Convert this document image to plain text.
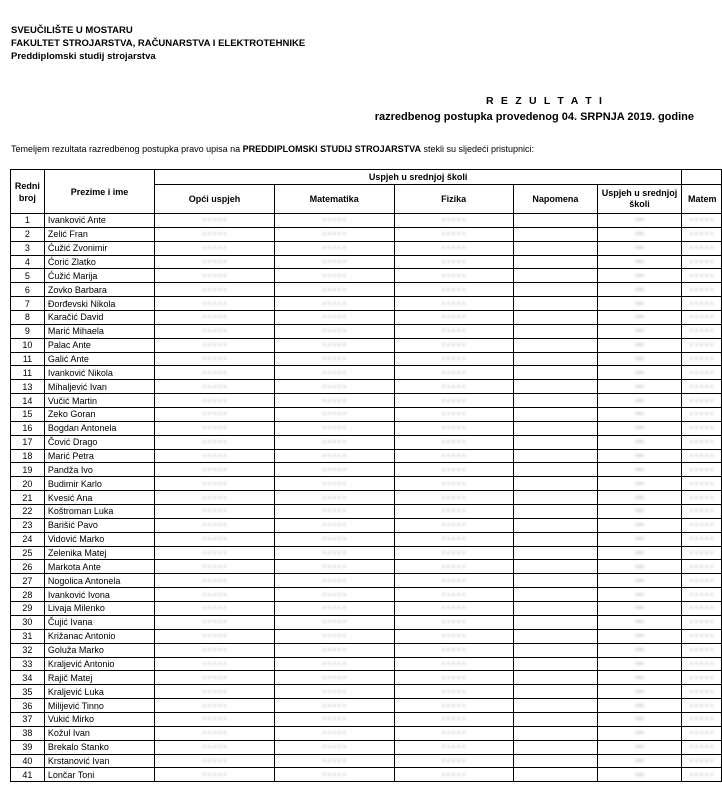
SVEUČILIŠTE U MOSTARU
FAKULTET STROJARSTVA, RAČUNARSTVA I ELEKTROTEHNIKE
Preddiplomski studij strojarstva
R E Z U L T A T I
razredbenog postupka provedenog 04. SRPNJA 2019. godine
Temeljem rezultata razredbenog postupka pravo upisa na PREDDIPLOMSKI STUDIJ STROJARSTVA stekli su sljedeći pristupnici:
Redni broj	Prezime i ime	Uspjeh u srednjoj školi					
		Opći uspjeh	Matematika	Fizika	Napomena	Uspjeh u srednjoj školi	Matem
1	Ivanković Ante	▪ ▪ ▪ ▪ ▪	▪ ▪ ▪ ▪ ▪	▪ ▪ ▪ ▪ ▪		▪▪▪	▪ ▪ ▪ ▪ ▪
2	Zelić Fran	▪ ▪ ▪ ▪ ▪	▪ ▪ ▪ ▪ ▪	▪ ▪ ▪ ▪ ▪		▪▪▪	▪ ▪ ▪ ▪ ▪
3	Ćužić Zvonimir	▪ ▪ ▪ ▪ ▪	▪ ▪ ▪ ▪ ▪	▪ ▪ ▪ ▪ ▪		▪▪▪	▪ ▪ ▪ ▪ ▪
4	Ćorić Zlatko	▪ ▪ ▪ ▪ ▪	▪ ▪ ▪ ▪ ▪	▪ ▪ ▪ ▪ ▪		▪▪▪	▪ ▪ ▪ ▪ ▪
5	Ćužić Marija	▪ ▪ ▪ ▪ ▪	▪ ▪ ▪ ▪ ▪	▪ ▪ ▪ ▪ ▪		▪▪▪	▪ ▪ ▪ ▪ ▪
6	Zovko Barbara	▪ ▪ ▪ ▪ ▪	▪ ▪ ▪ ▪ ▪	▪ ▪ ▪ ▪ ▪		▪▪▪	▪ ▪ ▪ ▪ ▪
7	Đorđevski Nikola	▪ ▪ ▪ ▪ ▪	▪ ▪ ▪ ▪ ▪	▪ ▪ ▪ ▪ ▪		▪▪▪	▪ ▪ ▪ ▪ ▪
8	Karačić David	▪ ▪ ▪ ▪ ▪	▪ ▪ ▪ ▪ ▪	▪ ▪ ▪ ▪ ▪		▪▪▪	▪ ▪ ▪ ▪ ▪
9	Marić Mihaela	▪ ▪ ▪ ▪ ▪	▪ ▪ ▪ ▪ ▪	▪ ▪ ▪ ▪ ▪		▪▪▪	▪ ▪ ▪ ▪ ▪
10	Palac Ante	▪ ▪ ▪ ▪ ▪	▪ ▪ ▪ ▪ ▪	▪ ▪ ▪ ▪ ▪		▪▪▪	▪ ▪ ▪ ▪ ▪
11	Galić Ante	▪ ▪ ▪ ▪ ▪	▪ ▪ ▪ ▪ ▪	▪ ▪ ▪ ▪ ▪		▪▪▪	▪ ▪ ▪ ▪ ▪
11	Ivanković Nikola	▪ ▪ ▪ ▪ ▪	▪ ▪ ▪ ▪ ▪	▪ ▪ ▪ ▪ ▪		▪▪▪	▪ ▪ ▪ ▪ ▪
13	Mihaljević Ivan	▪ ▪ ▪ ▪ ▪	▪ ▪ ▪ ▪ ▪	▪ ▪ ▪ ▪ ▪		▪▪▪	▪ ▪ ▪ ▪ ▪
14	Vučić Martin	▪ ▪ ▪ ▪ ▪	▪ ▪ ▪ ▪ ▪	▪ ▪ ▪ ▪ ▪		▪▪▪	▪ ▪ ▪ ▪ ▪
15	Zeko Goran	▪ ▪ ▪ ▪ ▪	▪ ▪ ▪ ▪ ▪	▪ ▪ ▪ ▪ ▪		▪▪▪	▪ ▪ ▪ ▪ ▪
16	Bogdan Antonela	▪ ▪ ▪ ▪ ▪	▪ ▪ ▪ ▪ ▪	▪ ▪ ▪ ▪ ▪		▪▪▪	▪ ▪ ▪ ▪ ▪
17	Čović Drago	▪ ▪ ▪ ▪ ▪	▪ ▪ ▪ ▪ ▪	▪ ▪ ▪ ▪ ▪		▪▪▪	▪ ▪ ▪ ▪ ▪
18	Marić Petra	▪ ▪ ▪ ▪ ▪	▪ ▪ ▪ ▪ ▪	▪ ▪ ▪ ▪ ▪		▪▪▪	▪ ▪ ▪ ▪ ▪
19	Pandža Ivo	▪ ▪ ▪ ▪ ▪	▪ ▪ ▪ ▪ ▪	▪ ▪ ▪ ▪ ▪		▪▪▪	▪ ▪ ▪ ▪ ▪
20	Budimir Karlo	▪ ▪ ▪ ▪ ▪	▪ ▪ ▪ ▪ ▪	▪ ▪ ▪ ▪ ▪		▪▪▪	▪ ▪ ▪ ▪ ▪
21	Kvesić Ana	▪ ▪ ▪ ▪ ▪	▪ ▪ ▪ ▪ ▪	▪ ▪ ▪ ▪ ▪		▪▪▪	▪ ▪ ▪ ▪ ▪
22	Koštroman Luka	▪ ▪ ▪ ▪ ▪	▪ ▪ ▪ ▪ ▪	▪ ▪ ▪ ▪ ▪		▪▪▪	▪ ▪ ▪ ▪ ▪
23	Barišić Pavo	▪ ▪ ▪ ▪ ▪	▪ ▪ ▪ ▪ ▪	▪ ▪ ▪ ▪ ▪		▪▪▪	▪ ▪ ▪ ▪ ▪
24	Vidović Marko	▪ ▪ ▪ ▪ ▪	▪ ▪ ▪ ▪ ▪	▪ ▪ ▪ ▪ ▪		▪▪▪	▪ ▪ ▪ ▪ ▪
25	Zelenika Matej	▪ ▪ ▪ ▪ ▪	▪ ▪ ▪ ▪ ▪	▪ ▪ ▪ ▪ ▪		▪▪▪	▪ ▪ ▪ ▪ ▪
26	Markota Ante	▪ ▪ ▪ ▪ ▪	▪ ▪ ▪ ▪ ▪	▪ ▪ ▪ ▪ ▪		▪▪▪	▪ ▪ ▪ ▪ ▪
27	Nogolica Antonela	▪ ▪ ▪ ▪ ▪	▪ ▪ ▪ ▪ ▪	▪ ▪ ▪ ▪ ▪		▪▪▪	▪ ▪ ▪ ▪ ▪
28	Ivanković Ivona	▪ ▪ ▪ ▪ ▪	▪ ▪ ▪ ▪ ▪	▪ ▪ ▪ ▪ ▪		▪▪▪	▪ ▪ ▪ ▪ ▪
29	Livaja Milenko	▪ ▪ ▪ ▪ ▪	▪ ▪ ▪ ▪ ▪	▪ ▪ ▪ ▪ ▪		▪▪▪	▪ ▪ ▪ ▪ ▪
30	Čujić Ivana	▪ ▪ ▪ ▪ ▪	▪ ▪ ▪ ▪ ▪	▪ ▪ ▪ ▪ ▪		▪▪▪	▪ ▪ ▪ ▪ ▪
31	Križanac Antonio	▪ ▪ ▪ ▪ ▪	▪ ▪ ▪ ▪ ▪	▪ ▪ ▪ ▪ ▪		▪▪▪	▪ ▪ ▪ ▪ ▪
32	Goluža Marko	▪ ▪ ▪ ▪ ▪	▪ ▪ ▪ ▪ ▪	▪ ▪ ▪ ▪ ▪		▪▪▪	▪ ▪ ▪ ▪ ▪
33	Kraljević Antonio	▪ ▪ ▪ ▪ ▪	▪ ▪ ▪ ▪ ▪	▪ ▪ ▪ ▪ ▪		▪▪▪	▪ ▪ ▪ ▪ ▪
34	Rajič Matej	▪ ▪ ▪ ▪ ▪	▪ ▪ ▪ ▪ ▪	▪ ▪ ▪ ▪ ▪		▪▪▪	▪ ▪ ▪ ▪ ▪
35	Kraljević Luka	▪ ▪ ▪ ▪ ▪	▪ ▪ ▪ ▪ ▪	▪ ▪ ▪ ▪ ▪		▪▪▪	▪ ▪ ▪ ▪ ▪
36	Milijević Tinno	▪ ▪ ▪ ▪ ▪	▪ ▪ ▪ ▪ ▪	▪ ▪ ▪ ▪ ▪		▪▪▪	▪ ▪ ▪ ▪ ▪
37	Vukić Mirko	▪ ▪ ▪ ▪ ▪	▪ ▪ ▪ ▪ ▪	▪ ▪ ▪ ▪ ▪		▪▪▪	▪ ▪ ▪ ▪ ▪
38	Kožul Ivan	▪ ▪ ▪ ▪ ▪	▪ ▪ ▪ ▪ ▪	▪ ▪ ▪ ▪ ▪		▪▪▪	▪ ▪ ▪ ▪ ▪
39	Brekalo Stanko	▪ ▪ ▪ ▪ ▪	▪ ▪ ▪ ▪ ▪	▪ ▪ ▪ ▪ ▪		▪▪▪	▪ ▪ ▪ ▪ ▪
40	Krstanović Ivan	▪ ▪ ▪ ▪ ▪	▪ ▪ ▪ ▪ ▪	▪ ▪ ▪ ▪ ▪		▪▪▪	▪ ▪ ▪ ▪ ▪
41	Lončar Toni	▪ ▪ ▪ ▪ ▪	▪ ▪ ▪ ▪ ▪	▪ ▪ ▪ ▪ ▪		▪▪▪	▪ ▪ ▪ ▪ ▪
